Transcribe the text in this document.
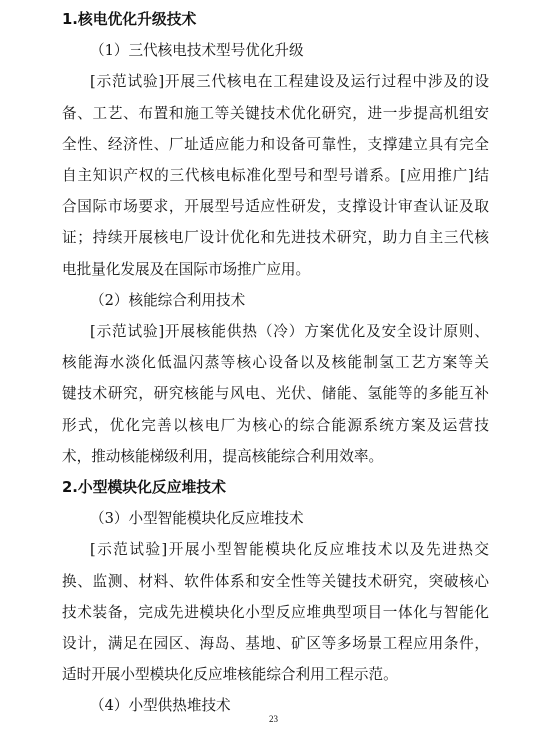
1.核电优化升级技术
（1）三代核电技术型号优化升级
[示范试验]开展三代核电在工程建设及运行过程中涉及的设
备、工艺、布置和施工等关键技术优化研究，进一步提高机组安
全性、经济性、厂址适应能力和设备可靠性，支撑建立具有完全
自主知识产权的三代核电标准化型号和型号谱系。[应用推广]结
合国际市场要求，开展型号适应性研发，支撑设计审查认证及取
证；持续开展核电厂设计优化和先进技术研究，助力自主三代核
电批量化发展及在国际市场推广应用。
（2）核能综合利用技术
[示范试验]开展核能供热（冷）方案优化及安全设计原则、
核能海水淡化低温闪蒸等核心设备以及核能制氢工艺方案等关
键技术研究，研究核能与风电、光伏、储能、氢能等的多能互补
形式，优化完善以核电厂为核心的综合能源系统方案及运营技
术，推动核能梯级利用，提高核能综合利用效率。
2.小型模块化反应堆技术
（3）小型智能模块化反应堆技术
[示范试验]开展小型智能模块化反应堆技术以及先进热交
换、监测、材料、软件体系和安全性等关键技术研究，突破核心
技术装备，完成先进模块化小型反应堆典型项目一体化与智能化
设计，满足在园区、海岛、基地、矿区等多场景工程应用条件，
适时开展小型模块化反应堆核能综合利用工程示范。
23
（4）小型供热堆技术
